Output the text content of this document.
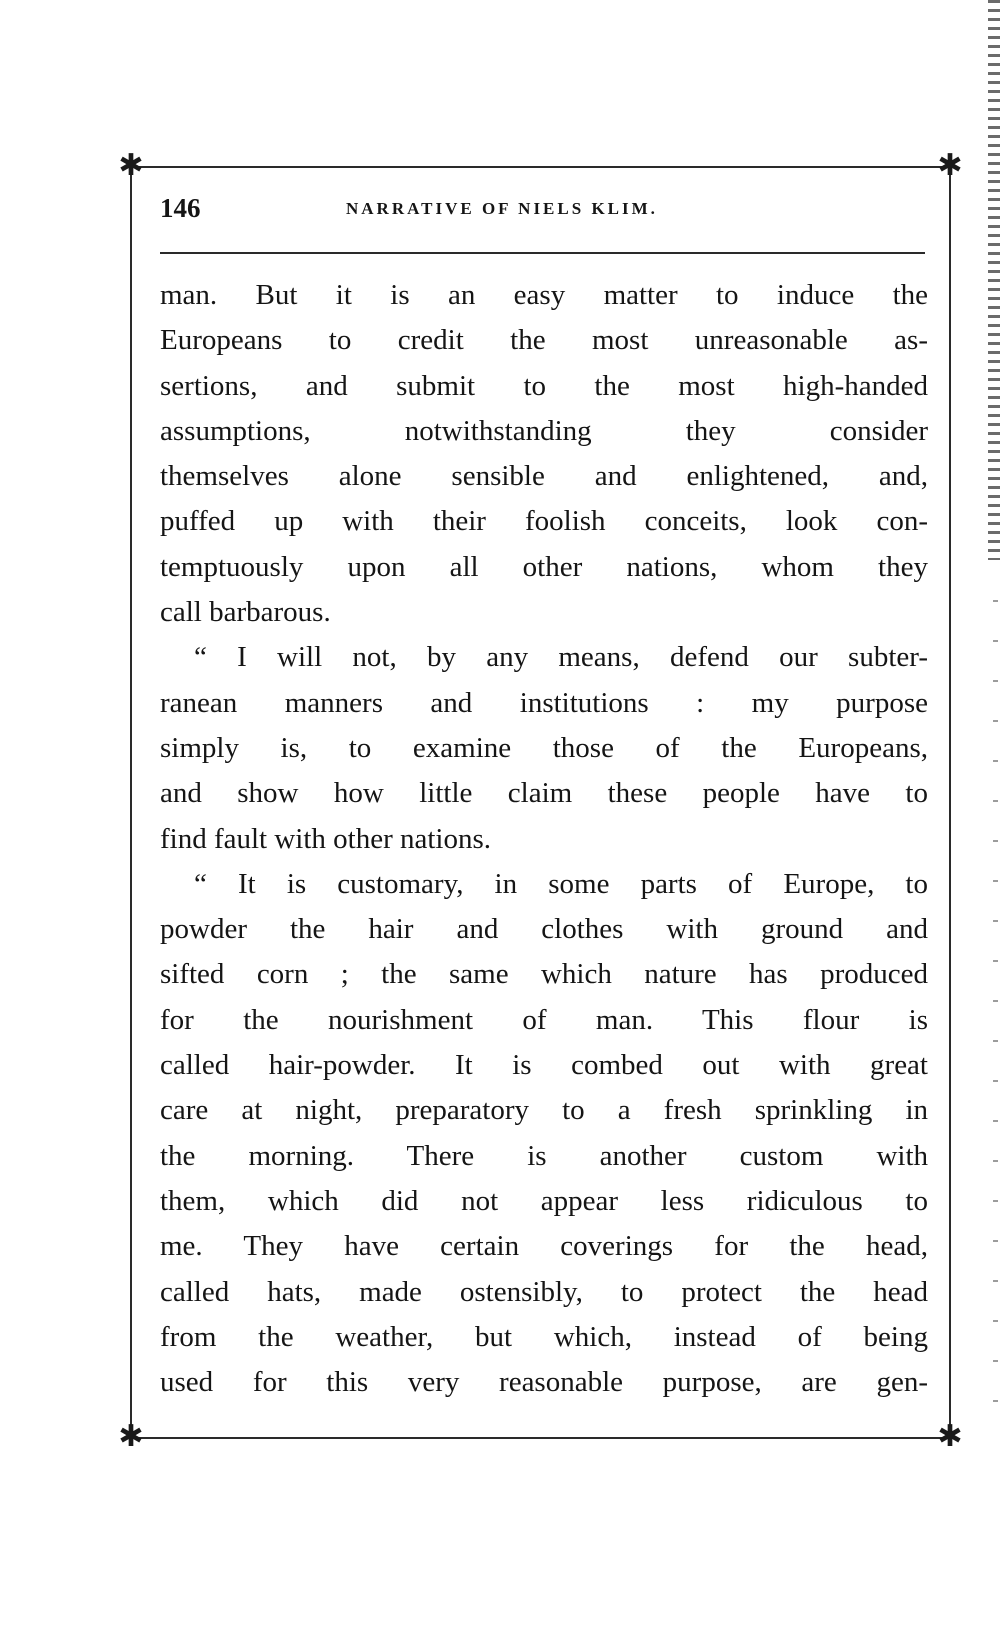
✱	✱
✱	✱
146	NARRATIVE OF NIELS KLIM.
man. But it is an easy matter to induce the
Europeans to credit the most unreasonable as-
sertions, and submit to the most high-handed
assumptions, notwithstanding they consider
themselves alone sensible and enlightened, and,
puffed up with their foolish conceits, look con-
temptuously upon all other nations, whom they
call barbarous.
“ I will not, by any means, defend our subter-
ranean manners and institutions : my purpose
simply is, to examine those of the Europeans,
and show how little claim these people have to
find fault with other nations.
“ It is customary, in some parts of Europe, to
powder the hair and clothes with ground and
sifted corn ; the same which nature has produced
for the nourishment of man. This flour is
called hair-powder. It is combed out with great
care at night, preparatory to a fresh sprinkling in
the morning. There is another custom with
them, which did not appear less ridiculous to
me. They have certain coverings for the head,
called hats, made ostensibly, to protect the head
from the weather, but which, instead of being
used for this very reasonable purpose, are gen-
